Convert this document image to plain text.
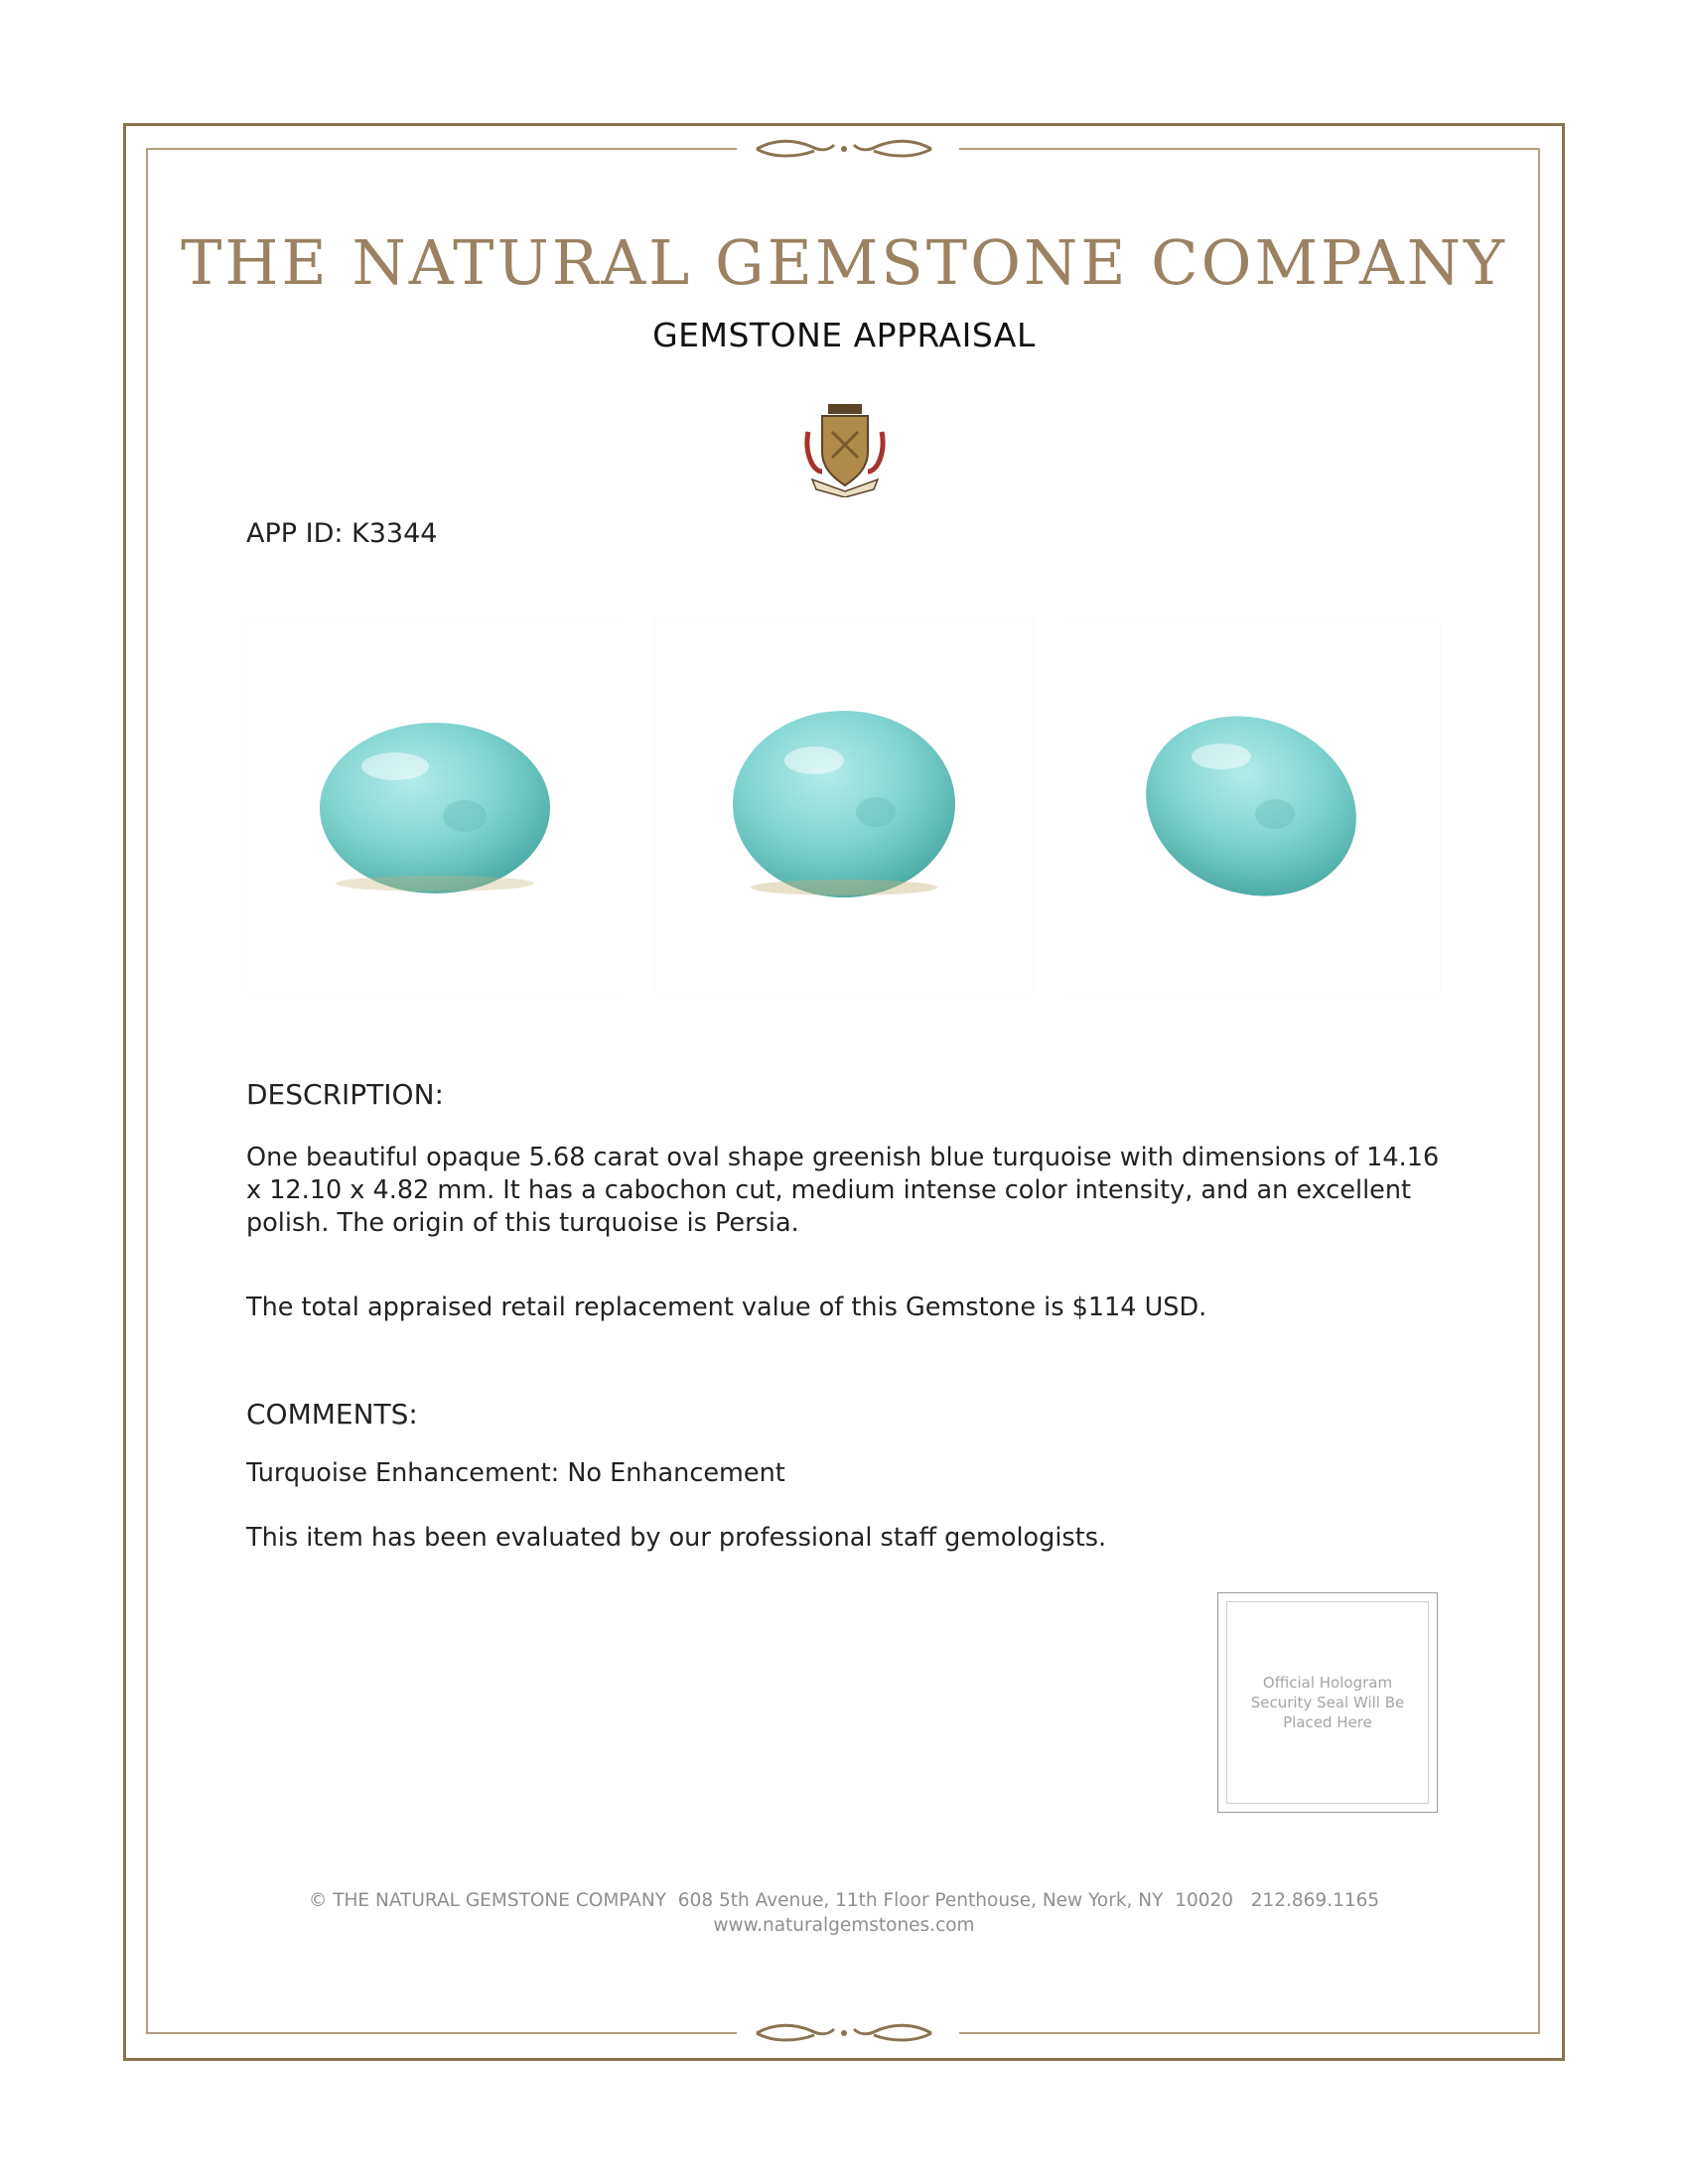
THE NATURAL GEMSTONE COMPANY
GEMSTONE APPRAISAL
APP ID: K3344
DESCRIPTION:
One beautiful opaque 5.68 carat oval shape greenish blue turquoise with dimensions of 14.16 x 12.10 x 4.82 mm. It has a cabochon cut, medium intense color intensity, and an excellent polish. The origin of this turquoise is Persia.
The total appraised retail replacement value of this Gemstone is $114 USD.
COMMENTS:
Turquoise Enhancement: No Enhancement
This item has been evaluated by our professional staff gemologists.
Official Hologram Security Seal Will Be Placed Here
© THE NATURAL GEMSTONE COMPANY  608 5th Avenue, 11th Floor Penthouse, New York, NY  10020   212.869.1165
www.naturalgemstones.com
